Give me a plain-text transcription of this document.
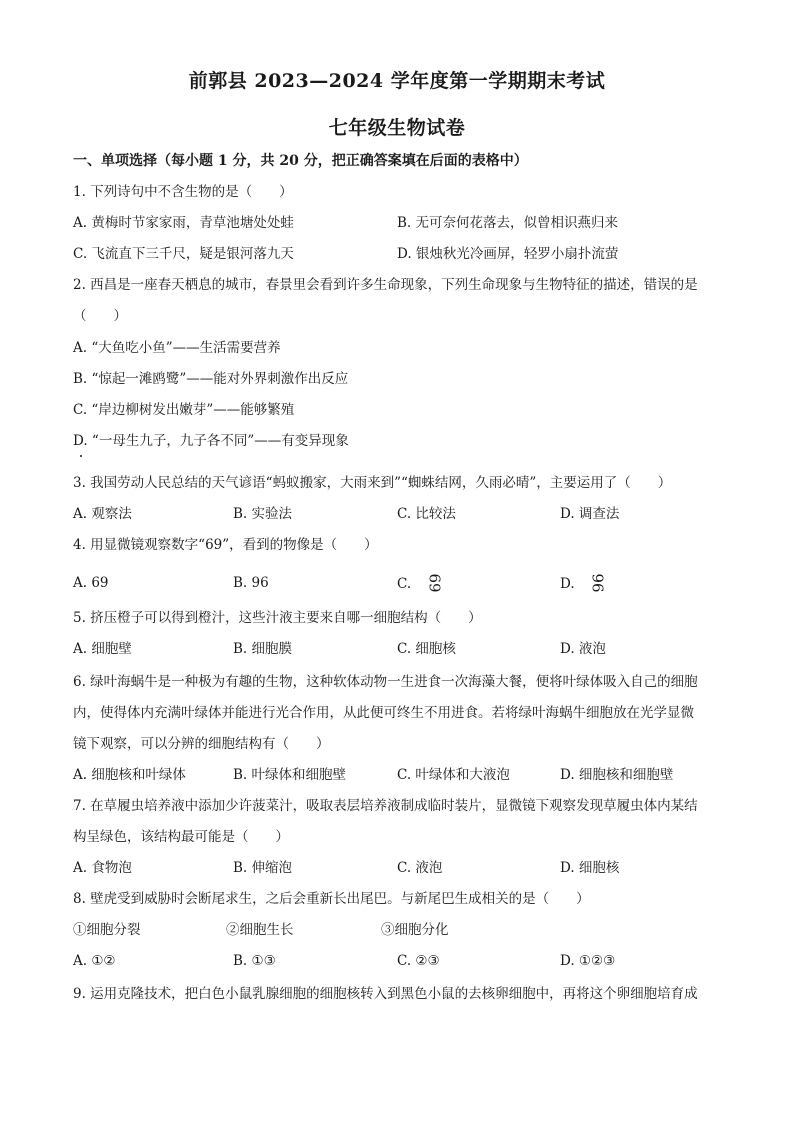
前郭县 2023—2024 学年度第一学期期末考试
七年级生物试卷
一、单项选择（每小题 1 分，共 20 分，把正确答案填在后面的表格中）
1. 下列诗句中不含生物的是（　　）
A. 黄梅时节家家雨，青草池塘处处蛙	B. 无可奈何花落去，似曾相识燕归来
C. 飞流直下三千尺，疑是银河落九天	D. 银烛秋光冷画屏，轻罗小扇扑流萤
2. 西昌是一座春天栖息的城市，春景里会看到许多生命现象，下列生命现象与生物特征的描述，错误的是
（　　）
A. “大鱼吃小鱼”——生活需要营养
B. “惊起一滩鸥鹭”——能对外界刺激作出反应
C. “岸边柳树发出嫩芽”——能够繁殖
D. “一母生九子，九子各不同”——有变异现象
3. 我国劳动人民总结的天气谚语“蚂蚁搬家，大雨来到”“蜘蛛结网，久雨必晴”，主要运用了（　　）
A. 观察法	B. 实验法	C. 比较法	D. 调查法
4. 用显微镜观察数字“69”，看到的物像是（　　）
A. 69	B. 96	C. 69	D. 96
5. 挤压橙子可以得到橙汁，这些汁液主要来自哪一细胞结构（　　）
A. 细胞壁	B. 细胞膜	C. 细胞核	D. 液泡
6. 绿叶海蜗牛是一种极为有趣的生物，这种软体动物一生进食一次海藻大餐，便将叶绿体吸入自己的细胞
内，使得体内充满叶绿体并能进行光合作用，从此便可终生不用进食。若将绿叶海蜗牛细胞放在光学显微
镜下观察，可以分辨的细胞结构有（　　）
A. 细胞核和叶绿体	B. 叶绿体和细胞壁	C. 叶绿体和大液泡	D. 细胞核和细胞壁
7. 在草履虫培养液中添加少许菠菜汁，吸取表层培养液制成临时装片，显微镜下观察发现草履虫体内某结
构呈绿色，该结构最可能是（　　）
A. 食物泡	B. 伸缩泡	C. 液泡	D. 细胞核
8. 壁虎受到威胁时会断尾求生，之后会重新长出尾巴。与新尾巴生成相关的是（　　）
①细胞分裂	②细胞生长	③细胞分化
A. ①②	B. ①③	C. ②③	D. ①②③
9. 运用克隆技术，把白色小鼠乳腺细胞的细胞核转入到黑色小鼠的去核卵细胞中，再将这个卵细胞培育成
